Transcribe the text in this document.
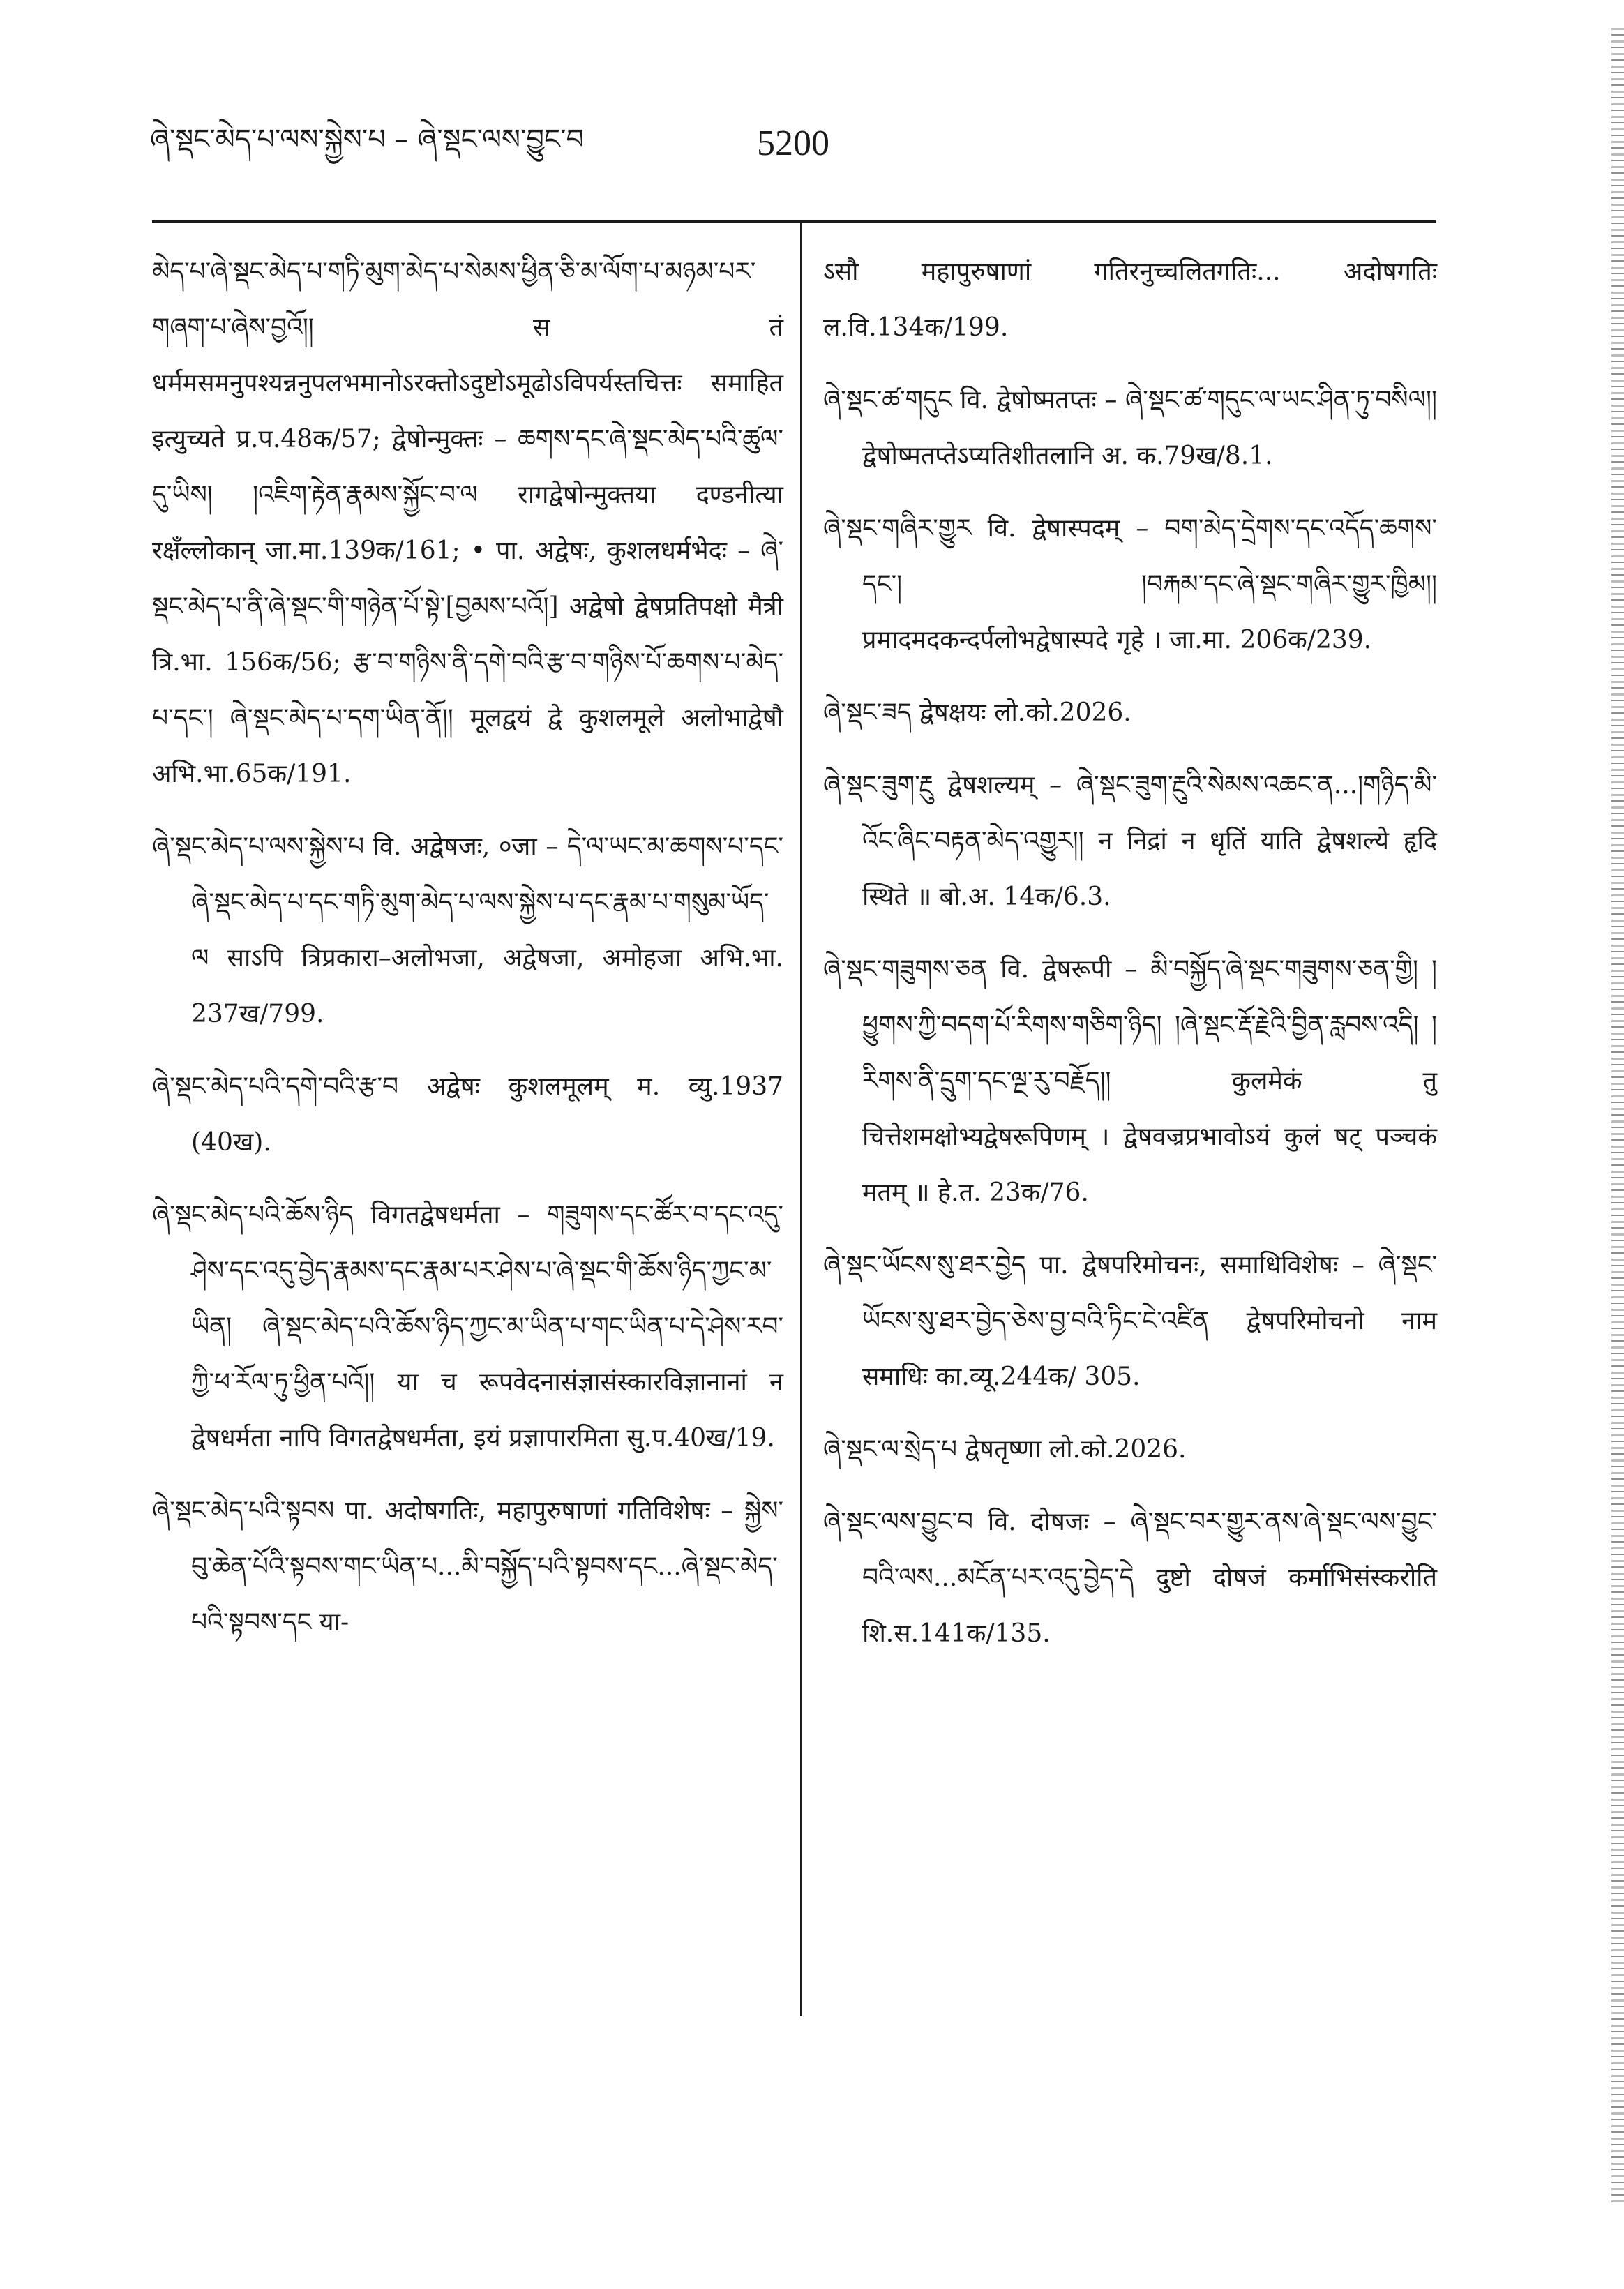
ཞེ་སྡང་མེད་པ་ལས་སྐྱེས་པ – ཞེ་སྡང་ལས་བྱུང་བ	5200

མེད་པ་ཞེ་སྡང་མེད་པ་གཏི་མུག་མེད་པ་སེམས་ཕྱིན་ཅི་མ་ལོག་པ་མཉམ་པར་གཞག་པ་ཞེས་བྱའོ།། स तं धर्ममसमनुपश्यन्ननुपलभमानोऽरक्तोऽदुष्टोऽमूढोऽविपर्यस्तचित्तः समाहित इत्युच्यते प्र.प.48क/57; द्वेषोन्मुक्तः – ཆགས་དང་ཞེ་སྡང་མེད་པའི་ཚུལ་དུ་ཡིས། །འཇིག་རྟེན་རྣམས་སྐྱོང་བ་ལ रागद्वेषोन्मुक्तया दण्डनीत्या रक्षँल्लोकान् जा.मा.139क/161; • पा. अद्वेषः, कुशलधर्मभेदः – ཞེ་སྡང་མེད་པ་ནི་ཞེ་སྡང་གི་གཉེན་པོ་སྟེ་[བྱམས་པའོ།] अद्वेषो द्वेषप्रतिपक्षो मैत्री त्रि.भा. 156क/56; རྩ་བ་གཉིས་ནི་དགེ་བའི་རྩ་བ་གཉིས་པོ་ཆགས་པ་མེད་པ་དང་། ཞེ་སྡང་མེད་པ་དག་ཡིན་ནོ།། मूलद्वयं द्वे कुशलमूले अलोभाद्वेषौ अभि.भा.65क/191.

ཞེ་སྡང་མེད་པ་ལས་སྐྱེས་པ वि. अद्वेषजः, ०जा – དེ་ལ་ཡང་མ་ཆགས་པ་དང་ཞེ་སྡང་མེད་པ་དང་གཏི་མུག་མེད་པ་ལས་སྐྱེས་པ་དང་རྣམ་པ་གསུམ་ཡོད་ལ साऽपि त्रिप्रकारा–अलोभजा, अद्वेषजा, अमोहजा अभि.भा. 237ख/799.

ཞེ་སྡང་མེད་པའི་དགེ་བའི་རྩ་བ अद्वेषः कुशलमूलम् म. व्यु.1937 (40ख).

ཞེ་སྡང་མེད་པའི་ཆོས་ཉིད विगतद्वेषधर्मता – གཟུགས་དང་ཚོར་བ་དང་འདུ་ཤེས་དང་འདུ་བྱེད་རྣམས་དང་རྣམ་པར་ཤེས་པ་ཞེ་སྡང་གི་ཆོས་ཉིད་ཀྱང་མ་ཡིན། ཞེ་སྡང་མེད་པའི་ཆོས་ཉིད་ཀྱང་མ་ཡིན་པ་གང་ཡིན་པ་དེ་ཤེས་རབ་ཀྱི་ཕ་རོལ་ཏུ་ཕྱིན་པའོ།། या च रूपवेदनासंज्ञासंस्कारविज्ञानानां न द्वेषधर्मता नापि विगतद्वेषधर्मता, इयं प्रज्ञापारमिता सु.प.40ख/19.

ཞེ་སྡང་མེད་པའི་སྟབས पा. अदोषगतिः, महापुरुषाणां गतिविशेषः – སྐྱེས་བུ་ཆེན་པོའི་སྟབས་གང་ཡིན་པ...མི་བསྐྱོད་པའི་སྟབས་དང...ཞེ་སྡང་མེད་པའི་སྟབས་དང या-

ऽसौ महापुरुषाणां गतिरनुच्चलितगतिः... अदोषगतिः ल.वि.134क/199.

ཞེ་སྡང་ཚ་གདུང वि. द्वेषोष्मतप्तः – ཞེ་སྡང་ཚ་གདུང་ལ་ཡང་ཤིན་ཏུ་བསིལ།། द्वेषोष्मतप्तेऽप्यतिशीतलानि अ. क.79ख/8.1.

ཞེ་སྡང་གཞིར་གྱུར वि. द्वेषास्पदम् – བག་མེད་དྲེགས་དང་འདོད་ཆགས་དང་། །བརྐམ་དང་ཞེ་སྡང་གཞིར་གྱུར་ཁྱིམ།། प्रमादमदकन्दर्पलोभद्वेषास्पदे गृहे । जा.मा. 206क/239.

ཞེ་སྡང་ཟད द्वेषक्षयः लो.को.2026.

ཞེ་སྡང་ཟུག་རྔུ द्वेषशल्यम् – ཞེ་སྡང་ཟུག་རྔུའི་སེམས་འཆང་ན...།གཉིད་མི་འོང་ཞིང་བརྟན་མེད་འགྱུར།། न निद्रां न धृतिं याति द्वेषशल्ये हृदि स्थिते ॥ बो.अ. 14क/6.3.

ཞེ་སྡང་གཟུགས་ཅན वि. द्वेषरूपी – མི་བསྐྱོད་ཞེ་སྡང་གཟུགས་ཅན་གྱི། །ཕྱུགས་ཀྱི་བདག་པོ་རིགས་གཅིག་ཉིད། །ཞེ་སྡང་རྡོ་རྗེའི་བྱིན་རླབས་འདི། །རིགས་ནི་དྲུག་དང་ལྔ་རུ་བརྗོད།། कुलमेकं तु चित्तेशमक्षोभ्यद्वेषरूपिणम् । द्वेषवज्रप्रभावोऽयं कुलं षट् पञ्चकं मतम् ॥ हे.त. 23क/76.

ཞེ་སྡང་ཡོངས་སུ་ཐར་བྱེད पा. द्वेषपरिमोचनः, समाधिविशेषः – ཞེ་སྡང་ཡོངས་སུ་ཐར་བྱེད་ཅེས་བྱ་བའི་ཏིང་ངེ་འཛིན द्वेषपरिमोचनो नाम समाधिः का.व्यू.244क/ 305.

ཞེ་སྡང་ལ་སྲེད་པ द्वेषतृष्णा लो.को.2026.

ཞེ་སྡང་ལས་བྱུང་བ वि. दोषजः – ཞེ་སྡང་བར་གྱུར་ནས་ཞེ་སྡང་ལས་བྱུང་བའི་ལས...མངོན་པར་འདུ་བྱེད་དེ दुष्टो दोषजं कर्माभिसंस्करोति शि.स.141क/135.
